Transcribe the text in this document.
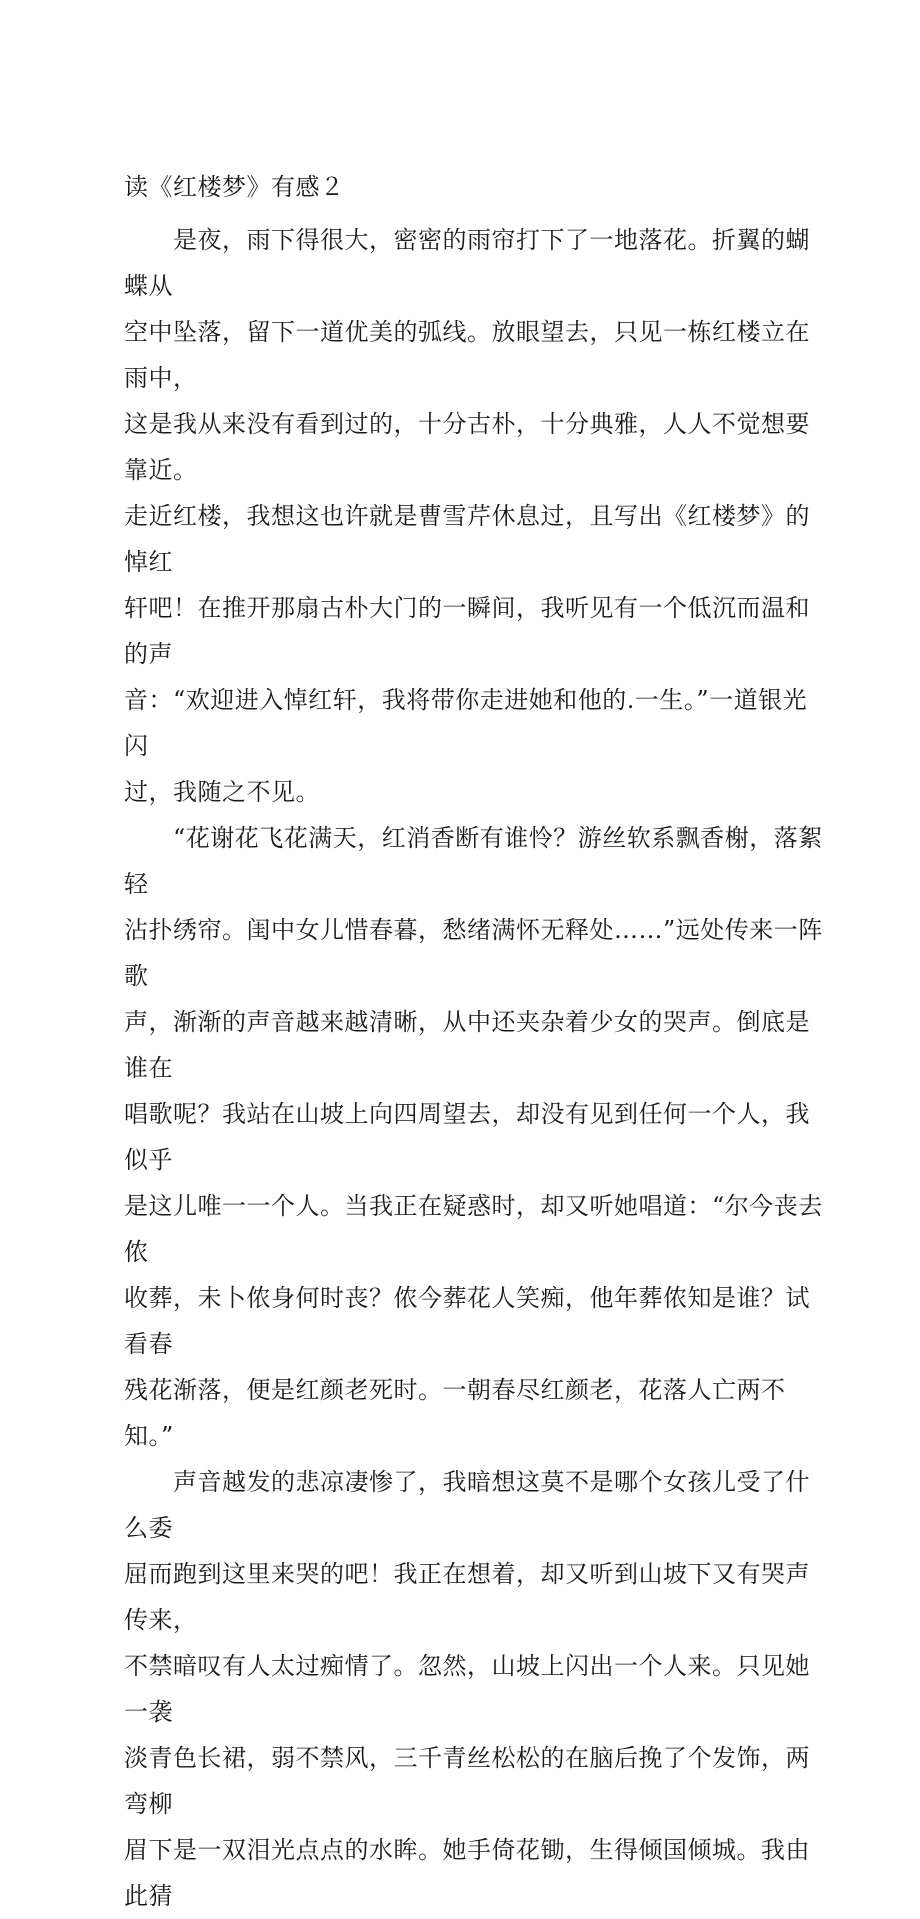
读《红楼梦》有感２

　　是夜，雨下得很大，密密的雨帘打下了一地落花。折翼的蝴蝶从
空中坠落，留下一道优美的弧线。放眼望去，只见一栋红楼立在雨中，
这是我从来没有看到过的，十分古朴，十分典雅，人人不觉想要靠近。
走近红楼，我想这也许就是曹雪芹休息过，且写出《红楼梦》的悼红
轩吧！在推开那扇古朴大门的一瞬间，我听见有一个低沉而温和的声
音：“欢迎进入悼红轩，我将带你走进她和他的.一生。”一道银光闪
过，我随之不见。

　　“花谢花飞花满天，红消香断有谁怜？游丝软系飘香榭，落絮轻
沾扑绣帘。闺中女儿惜春暮，愁绪满怀无释处……”远处传来一阵歌
声，渐渐的声音越来越清晰，从中还夹杂着少女的哭声。倒底是谁在
唱歌呢？我站在山坡上向四周望去，却没有见到任何一个人，我似乎
是这儿唯一一个人。当我正在疑惑时，却又听她唱道：“尔今丧去侬
收葬，未卜侬身何时丧？侬今葬花人笑痴，他年葬侬知是谁？试看春
残花渐落，便是红颜老死时。一朝春尽红颜老，花落人亡两不知。”

　　声音越发的悲凉凄惨了，我暗想这莫不是哪个女孩儿受了什么委
屈而跑到这里来哭的吧！我正在想着，却又听到山坡下又有哭声传来，
不禁暗叹有人太过痴情了。忽然，山坡上闪出一个人来。只见她一袭
淡青色长裙，弱不禁风，三千青丝松松的在脑后挽了个发饰，两弯柳
眉下是一双泪光点点的水眸。她手倚花锄，生得倾国倾城。我由此猜
